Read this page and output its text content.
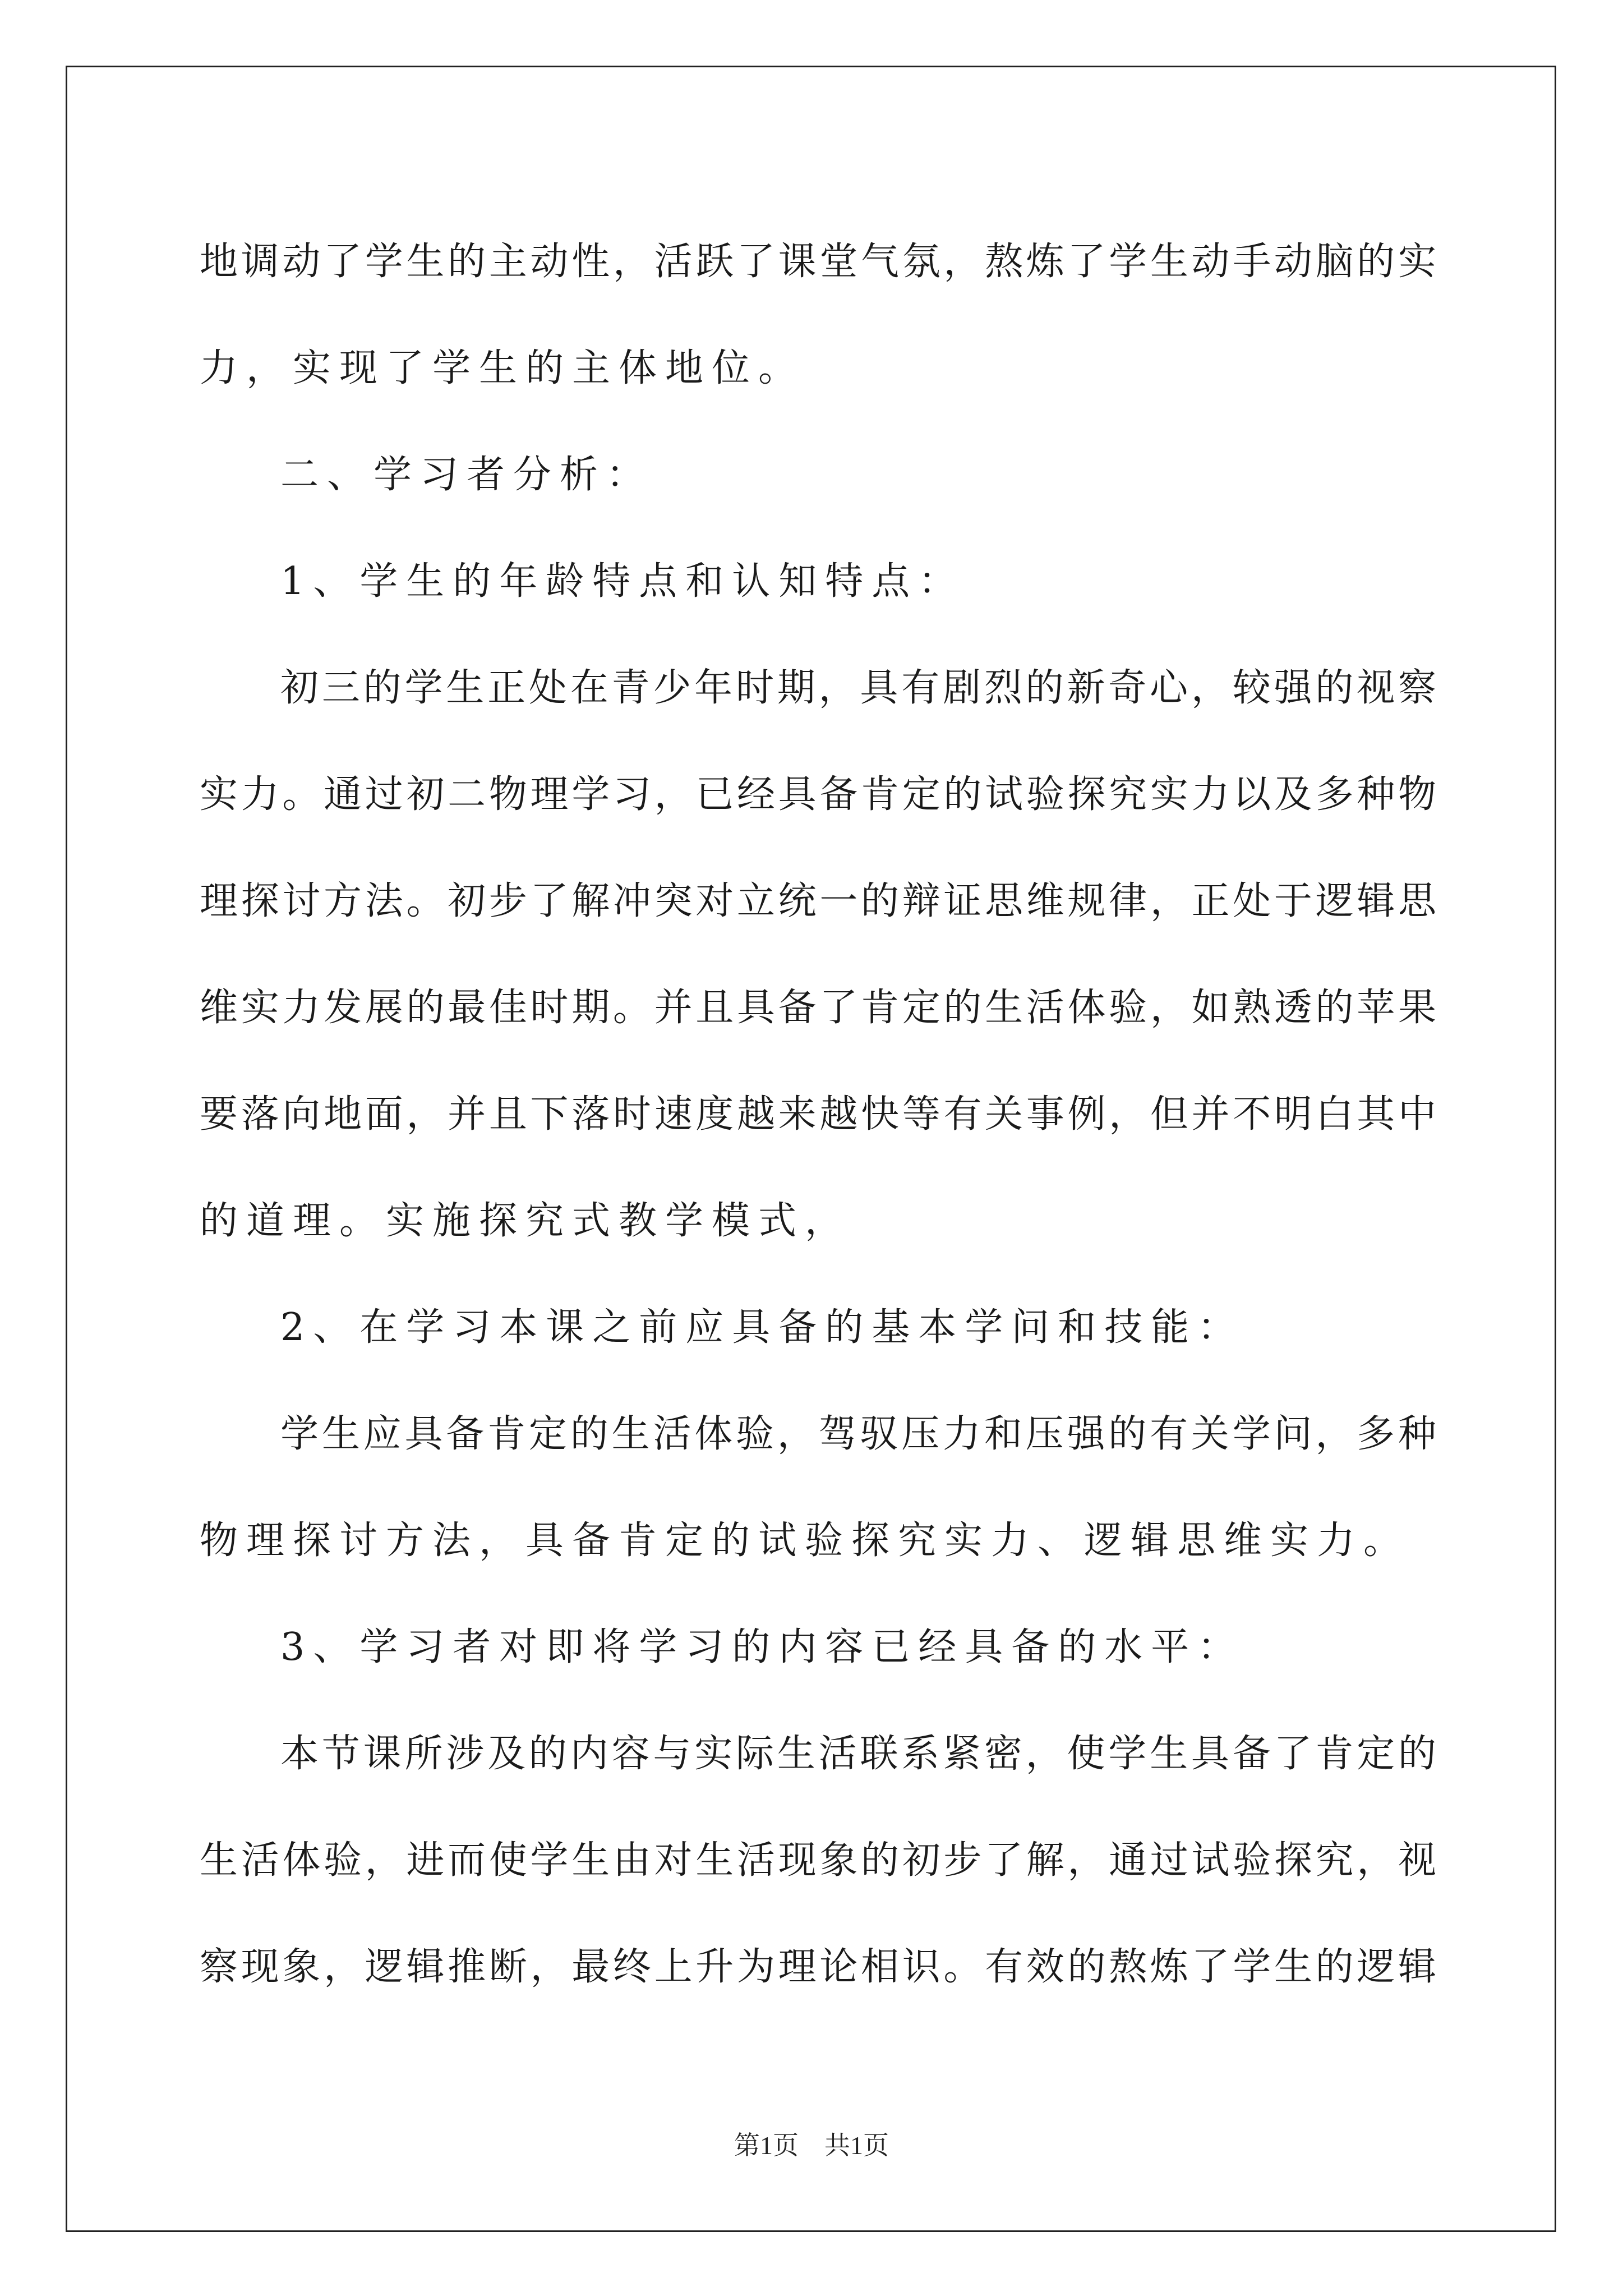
地调动了学生的主动性，活跃了课堂气氛，熬炼了学生动手动脑的实
力，实现了学生的主体地位。
二、学习者分析：
1、学生的年龄特点和认知特点：
初三的学生正处在青少年时期，具有剧烈的新奇心，较强的视察
实力。通过初二物理学习，已经具备肯定的试验探究实力以及多种物
理探讨方法。初步了解冲突对立统一的辩证思维规律，正处于逻辑思
维实力发展的最佳时期。并且具备了肯定的生活体验，如熟透的苹果
要落向地面，并且下落时速度越来越快等有关事例，但并不明白其中
的道理。实施探究式教学模式，
2、在学习本课之前应具备的基本学问和技能：
学生应具备肯定的生活体验，驾驭压力和压强的有关学问，多种
物理探讨方法，具备肯定的试验探究实力、逻辑思维实力。
3、学习者对即将学习的内容已经具备的水平：
本节课所涉及的内容与实际生活联系紧密，使学生具备了肯定的
生活体验，进而使学生由对生活现象的初步了解，通过试验探究，视
察现象，逻辑推断，最终上升为理论相识。有效的熬炼了学生的逻辑
第1页 共1页
